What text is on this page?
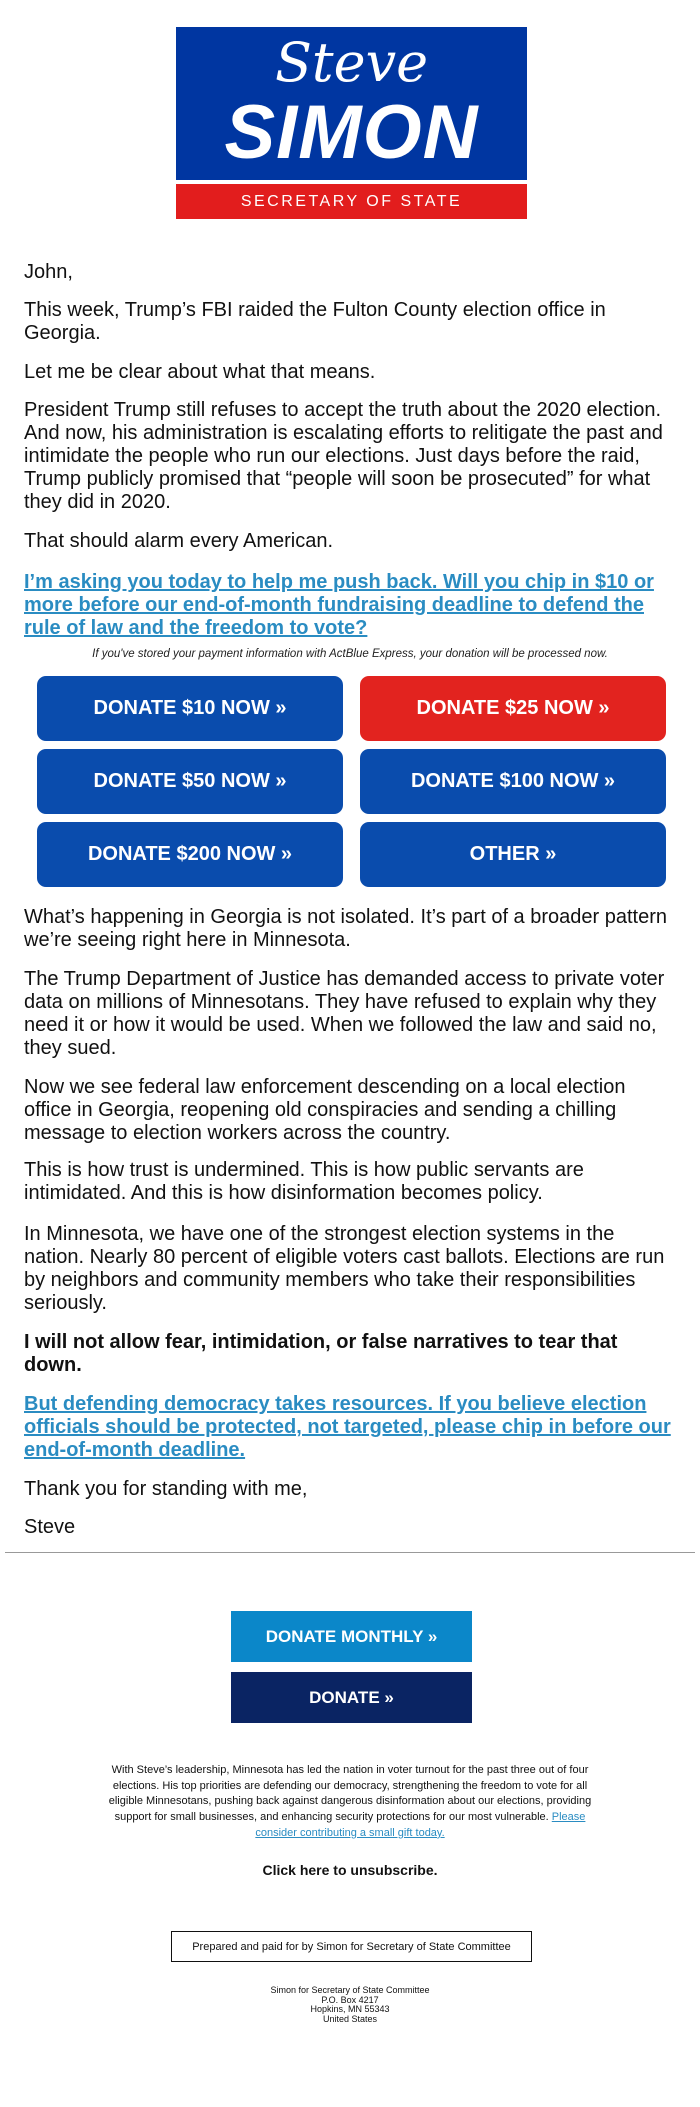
Steve
SIMON
SECRETARY OF STATE

John,

This week, Trump’s FBI raided the Fulton County election office in Georgia.

Let me be clear about what that means.

President Trump still refuses to accept the truth about the 2020 election. And now, his administration is escalating efforts to relitigate the past and intimidate the people who run our elections. Just days before the raid, Trump publicly promised that “people will soon be prosecuted” for what they did in 2020.

That should alarm every American.

I’m asking you today to help me push back. Will you chip in $10 or more before our end-of-month fundraising deadline to defend the rule of law and the freedom to vote?

If you've stored your payment information with ActBlue Express, your donation will be processed now.
DONATE $10 NOW »	DONATE $25 NOW »
DONATE $50 NOW »	DONATE $100 NOW »
DONATE $200 NOW »	OTHER »

What’s happening in Georgia is not isolated. It’s part of a broader pattern we’re seeing right here in Minnesota.

The Trump Department of Justice has demanded access to private voter data on millions of Minnesotans. They have refused to explain why they need it or how it would be used. When we followed the law and said no, they sued.

Now we see federal law enforcement descending on a local election office in Georgia, reopening old conspiracies and sending a chilling message to election workers across the country.

This is how trust is undermined. This is how public servants are intimidated. And this is how disinformation becomes policy.

In Minnesota, we have one of the strongest election systems in the nation. Nearly 80 percent of eligible voters cast ballots. Elections are run by neighbors and community members who take their responsibilities seriously.

I will not allow fear, intimidation, or false narratives to tear that down.

But defending democracy takes resources. If you believe election officials should be protected, not targeted, please chip in before our end-of-month deadline.

Thank you for standing with me,

Steve

DONATE MONTHLY »
DONATE »
With Steve’s leadership, Minnesota has led the nation in voter turnout for the past three out of four elections. His top priorities are defending our democracy, strengthening the freedom to vote for all eligible Minnesotans, pushing back against dangerous disinformation about our elections, providing support for small businesses, and enhancing security protections for our most vulnerable. Please consider contributing a small gift today.
Click here to unsubscribe.
Prepared and paid for by Simon for Secretary of State Committee
Simon for Secretary of State Committee
P.O. Box 4217
Hopkins, MN 55343
United States
